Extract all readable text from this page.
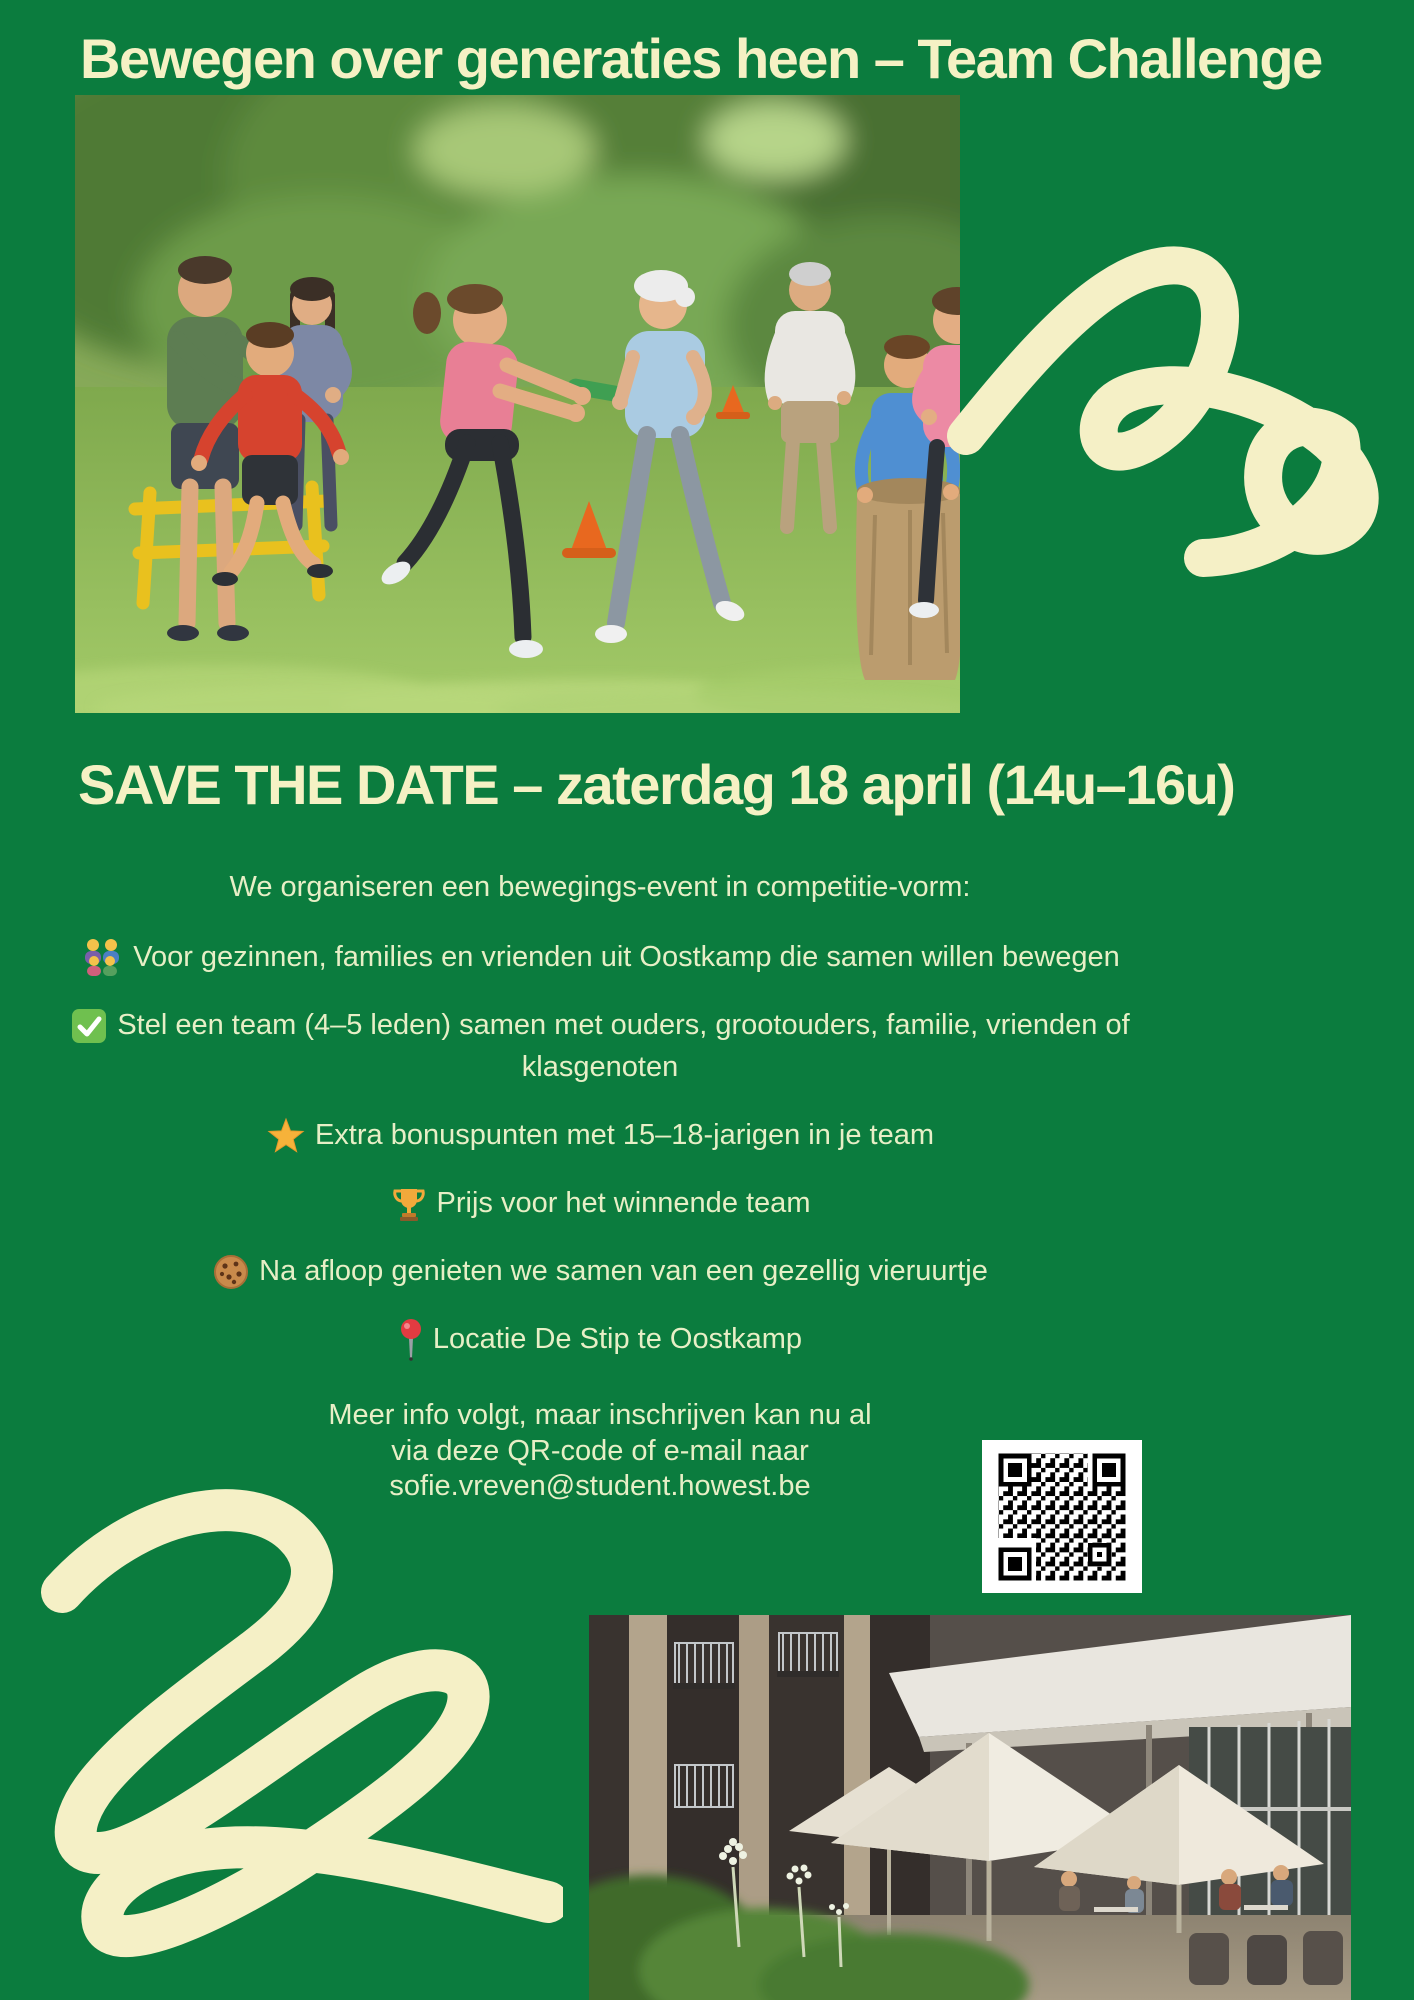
Bewegen over generaties heen – Team Challenge
SAVE THE DATE – zaterdag 18 april (14u–16u)

We organiseren een bewegings-event in competitie-vorm:

Voor gezinnen, families en vrienden uit Oostkamp die samen willen bewegen

Stel een team (4–5 leden) samen met ouders, grootouders, familie, vrienden of klasgenoten

Extra bonuspunten met 15–18-jarigen in je team

Prijs voor het winnende team

Na afloop genieten we samen van een gezellig vieruurtje

Locatie De Stip te Oostkamp

Meer info volgt, maar inschrijven kan nu al
via deze QR-code of e-mail naar
sofie.vreven@student.howest.be
